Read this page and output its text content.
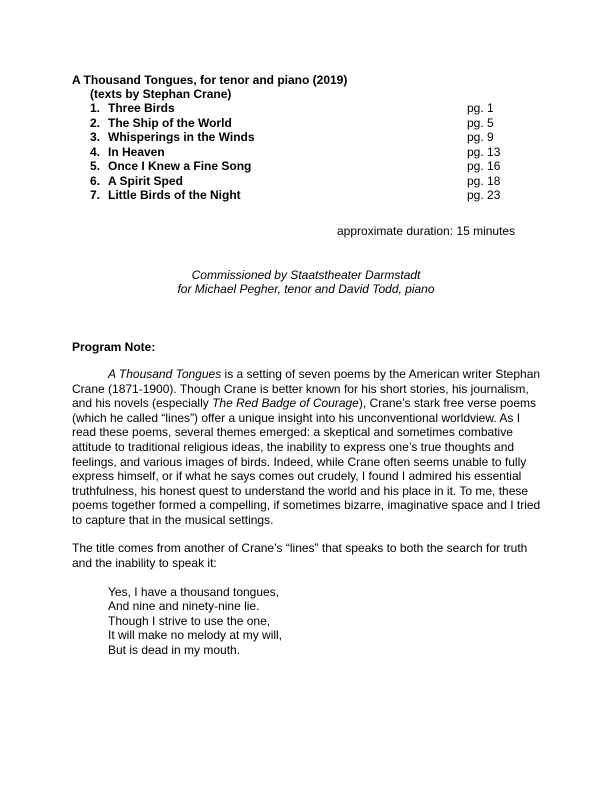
A Thousand Tongues, for tenor and piano (2019)
(texts by Stephan Crane)
1. Three Birds	pg. 1
2. The Ship of the World	pg. 5
3. Whisperings in the Winds	pg. 9
4. In Heaven	pg. 13
5. Once I Knew a Fine Song	pg. 16
6. A Spirit Sped	pg. 18
7. Little Birds of the Night	pg. 23
approximate duration: 15 minutes
Commissioned by Staatstheater Darmstadt
for Michael Pegher, tenor and David Todd, piano
Program Note:
A Thousand Tongues is a setting of seven poems by the American writer Stephan Crane (1871-1900). Though Crane is better known for his short stories, his journalism, and his novels (especially The Red Badge of Courage), Crane’s stark free verse poems (which he called “lines”) offer a unique insight into his unconventional worldview. As I read these poems, several themes emerged: a skeptical and sometimes combative attitude to traditional religious ideas, the inability to express one’s true thoughts and feelings, and various images of birds. Indeed, while Crane often seems unable to fully express himself, or if what he says comes out crudely, I found I admired his essential truthfulness, his honest quest to understand the world and his place in it. To me, these poems together formed a compelling, if sometimes bizarre, imaginative space and I tried to capture that in the musical settings.
The title comes from another of Crane’s “lines” that speaks to both the search for truth and the inability to speak it:
Yes, I have a thousand tongues,
And nine and ninety-nine lie.
Though I strive to use the one,
It will make no melody at my will,
But is dead in my mouth.
